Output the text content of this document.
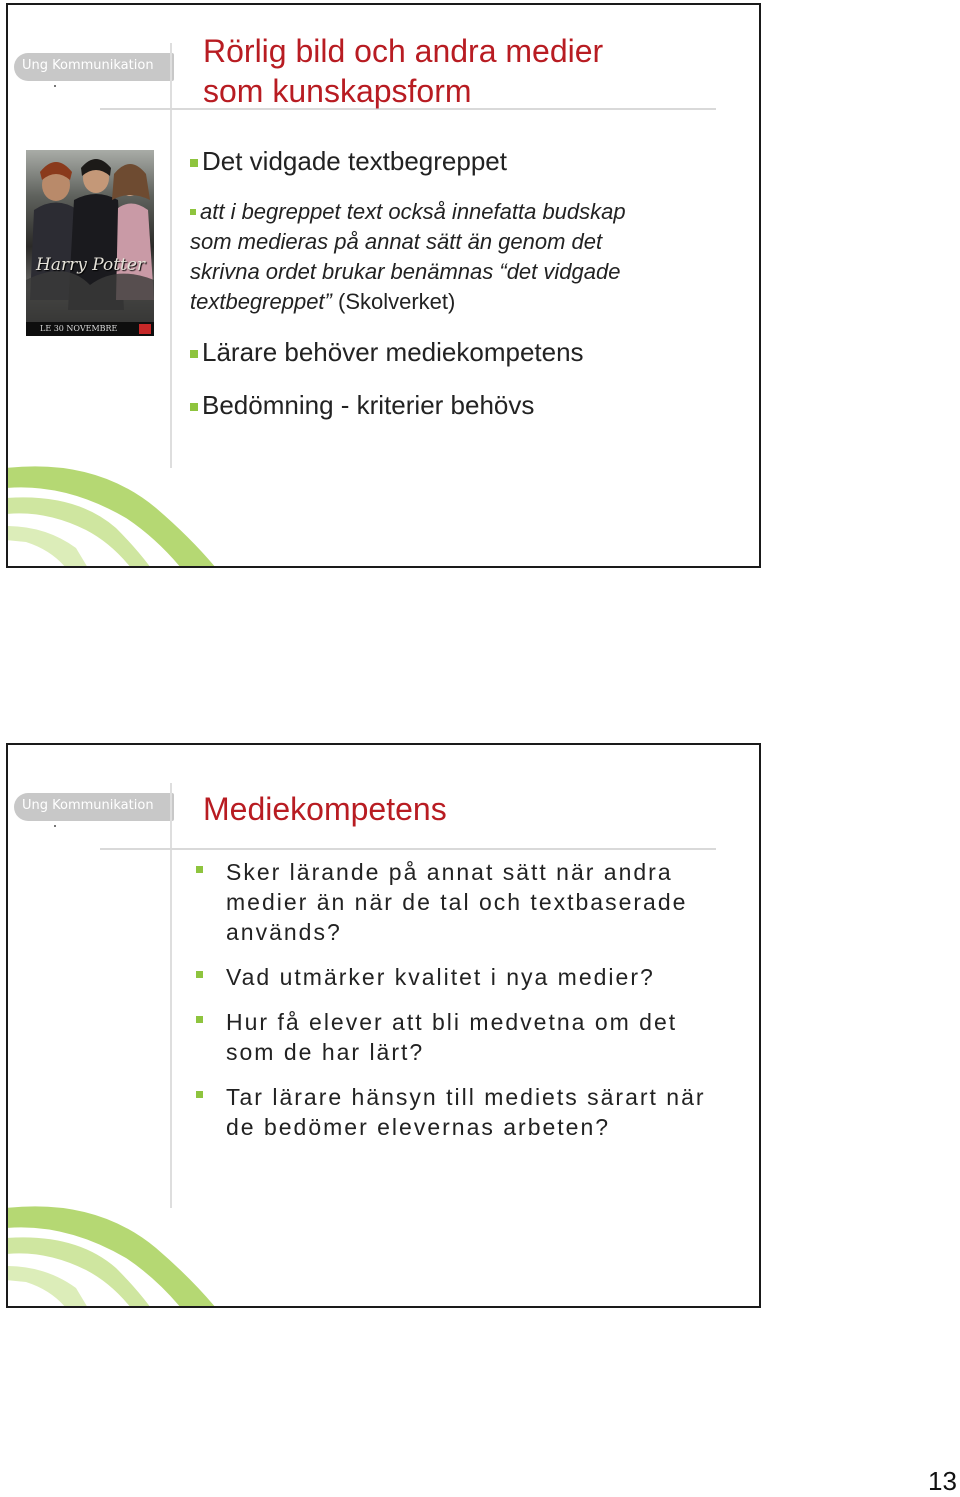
Ung Kommunikation Rörlig bild och andra medier
som kunskapsform
Harry Potter
LE 30 NOVEMBRE

Det vidgade textbegreppet

att i begreppet text också innefatta budskap
som medieras på annat sätt än genom det
skrivna ordet brukar benämnas “det vidgade
textbegreppet” (Skolverket)

Lärare behöver mediekompetens

Bedömning - kriterier behövs

Ung Kommunikation Mediekompetens
Sker lärande på annat sätt när andra
medier än när de tal och textbaserade
används?
Vad utmärker kvalitet i nya medier?
Hur få elever att bli medvetna om det
som de har lärt?
Tar lärare hänsyn till mediets särart när
de bedömer elevernas arbeten?
13
